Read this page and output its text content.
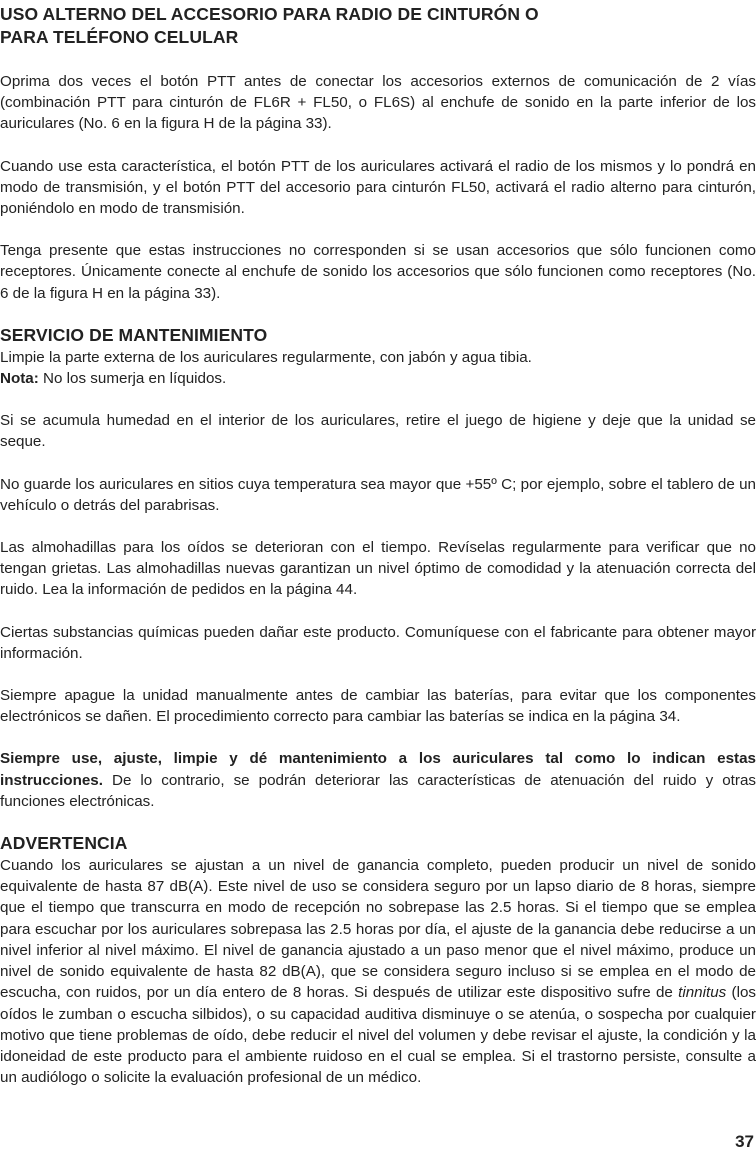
USO ALTERNO DEL ACCESORIO PARA RADIO DE CINTURÓN O
PARA TELÉFONO CELULAR

Oprima dos veces el botón PTT antes de conectar los accesorios externos de comunicación de 2 vías (combinación PTT para cinturón de FL6R + FL50, o FL6S) al enchufe de sonido en la parte inferior de los auriculares (No. 6 en la figura H de la página 33).

Cuando use esta característica, el botón PTT de los auriculares activará el radio de los mismos y lo pondrá en modo de transmisión, y el botón PTT del accesorio para cinturón FL50, activará el radio alterno para cinturón, poniéndolo en modo de transmisión.

Tenga presente que estas instrucciones no corresponden si se usan accesorios que sólo funcionen como receptores. Únicamente conecte al enchufe de sonido los accesorios que sólo funcionen como receptores (No. 6 de la figura H en la página 33).

SERVICIO DE MANTENIMIENTO

Limpie la parte externa de los auriculares regularmente, con jabón y agua tibia.

Nota: No los sumerja en líquidos.

Si se acumula humedad en el interior de los auriculares, retire el juego de higiene y deje que la unidad se seque.

No guarde los auriculares en sitios cuya temperatura sea mayor que +55º C; por ejemplo, sobre el tablero de un vehículo o detrás del parabrisas.

Las almohadillas para los oídos se deterioran con el tiempo. Revíselas regularmente para verificar que no tengan grietas. Las almohadillas nuevas garantizan un nivel óptimo de comodidad y la atenuación correcta del ruido. Lea la información de pedidos en la página 44.

Ciertas substancias químicas pueden dañar este producto. Comuníquese con el fabricante para obtener mayor información.

Siempre apague la unidad manualmente antes de cambiar las baterías, para evitar que los componentes electrónicos se dañen. El procedimiento correcto para cambiar las baterías se indica en la página 34.

Siempre use, ajuste, limpie y dé mantenimiento a los auriculares tal como lo indican estas instrucciones. De lo contrario, se podrán deteriorar las características de atenuación del ruido y otras funciones electrónicas.

ADVERTENCIA

Cuando los auriculares se ajustan a un nivel de ganancia completo, pueden producir un nivel de sonido equivalente de hasta 87 dB(A). Este nivel de uso se considera seguro por un lapso diario de 8 horas, siempre que el tiempo que transcurra en modo de recepción no sobrepase las 2.5 horas. Si el tiempo que se emplea para escuchar por los auriculares sobrepasa las 2.5 horas por día, el ajuste de la ganancia debe reducirse a un nivel inferior al nivel máximo. El nivel de ganancia ajustado a un paso menor que el nivel máximo, produce un nivel de sonido equivalente de hasta 82 dB(A), que se considera seguro incluso si se emplea en el modo de escucha, con ruidos, por un día entero de 8 horas. Si después de utilizar este dispositivo sufre de tinnitus (los oídos le zumban o escucha silbidos), o su capacidad auditiva disminuye o se atenúa, o sospecha por cualquier motivo que tiene problemas de oído, debe reducir el nivel del volumen y debe revisar el ajuste, la condición y la idoneidad de este producto para el ambiente ruidoso en el cual se emplea. Si el trastorno persiste, consulte a un audiólogo o solicite la evaluación profesional de un médico.

37
